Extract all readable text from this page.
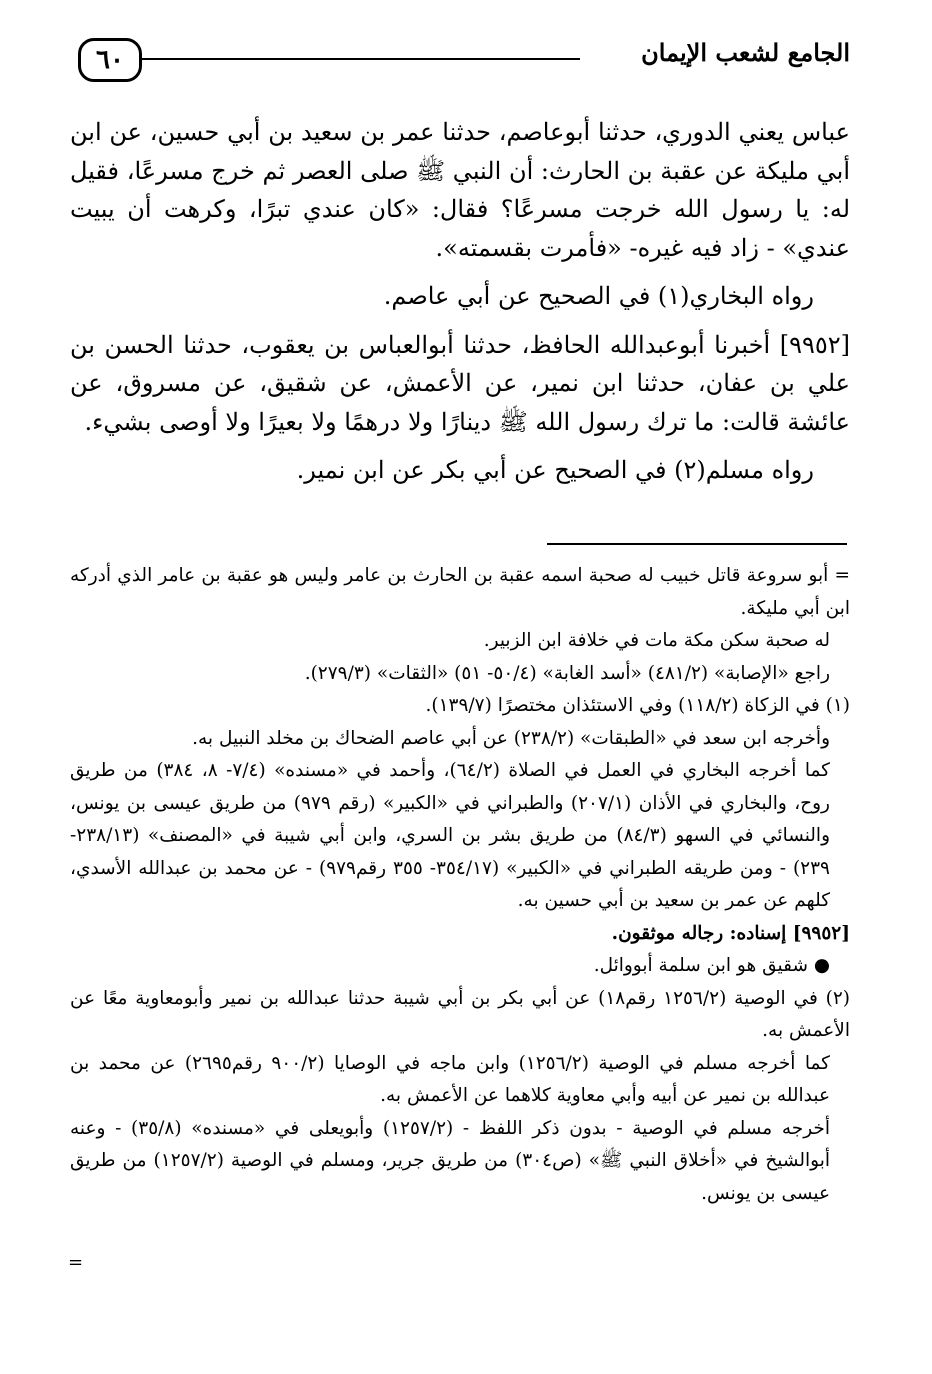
٦٠	الجامع لشعب الإيمان

عباس يعني الدوري، حدثنا أبوعاصم، حدثنا عمر بن سعيد بن أبي حسين، عن ابن أبي مليكة عن عقبة بن الحارث: أن النبي ﷺ صلى العصر ثم خرج مسرعًا، فقيل له: يا رسول الله خرجت مسرعًا؟ فقال: «كان عندي تبرًا، وكرهت أن يبيت عندي» - زاد فيه غيره- «فأمرت بقسمته».

رواه البخاري(١) في الصحيح عن أبي عاصم.

[٩٩٥٢] أخبرنا أبوعبدالله الحافظ، حدثنا أبوالعباس بن يعقوب، حدثنا الحسن بن علي بن عفان، حدثنا ابن نمير، عن الأعمش، عن شقيق، عن مسروق، عن عائشة قالت: ما ترك رسول الله ﷺ دينارًا ولا درهمًا ولا بعيرًا ولا أوصى بشيء.

رواه مسلم(٢) في الصحيح عن أبي بكر عن ابن نمير.

= أبو سروعة قاتل خبيب له صحبة اسمه عقبة بن الحارث بن عامر وليس هو عقبة بن عامر الذي أدركه ابن أبي مليكة.

له صحبة سكن مكة مات في خلافة ابن الزبير.

راجع «الإصابة» (٤٨١/٢) «أسد الغابة» (٥٠/٤- ٥١) «الثقات» (٢٧٩/٣).

(١) في الزكاة (١١٨/٢) وفي الاستئذان مختصرًا (١٣٩/٧).

وأخرجه ابن سعد في «الطبقات» (٢٣٨/٢) عن أبي عاصم الضحاك بن مخلد النبيل به.

كما أخرجه البخاري في العمل في الصلاة (٦٤/٢)، وأحمد في «مسنده» (٧/٤- ٨، ٣٨٤) من طريق روح، والبخاري في الأذان (٢٠٧/١) والطبراني في «الكبير» (رقم ٩٧٩) من طريق عيسى بن يونس، والنسائي في السهو (٨٤/٣) من طريق بشر بن السري، وابن أبي شيبة في «المصنف» (٢٣٨/١٣- ٢٣٩) - ومن طريقه الطبراني في «الكبير» (٣٥٤/١٧- ٣٥٥ رقم٩٧٩) - عن محمد بن عبدالله الأسدي، كلهم عن عمر بن سعيد بن أبي حسين به.

[٩٩٥٢] إسناده: رجاله موثقون.

● شقيق هو ابن سلمة أبووائل.

(٢) في الوصية (١٢٥٦/٢ رقم١٨) عن أبي بكر بن أبي شيبة حدثنا عبدالله بن نمير وأبومعاوية معًا عن الأعمش به.

كما أخرجه مسلم في الوصية (١٢٥٦/٢) وابن ماجه في الوصايا (٩٠٠/٢ رقم٢٦٩٥) عن محمد بن عبدالله بن نمير عن أبيه وأبي معاوية كلاهما عن الأعمش به.

أخرجه مسلم في الوصية - بدون ذكر اللفظ - (١٢٥٧/٢) وأبويعلى في «مسنده» (٣٥/٨) - وعنه أبوالشيخ في «أخلاق النبي ﷺ» (ص٣٠٤) من طريق جرير، ومسلم في الوصية (١٢٥٧/٢) من طريق عيسى بن يونس.

=
